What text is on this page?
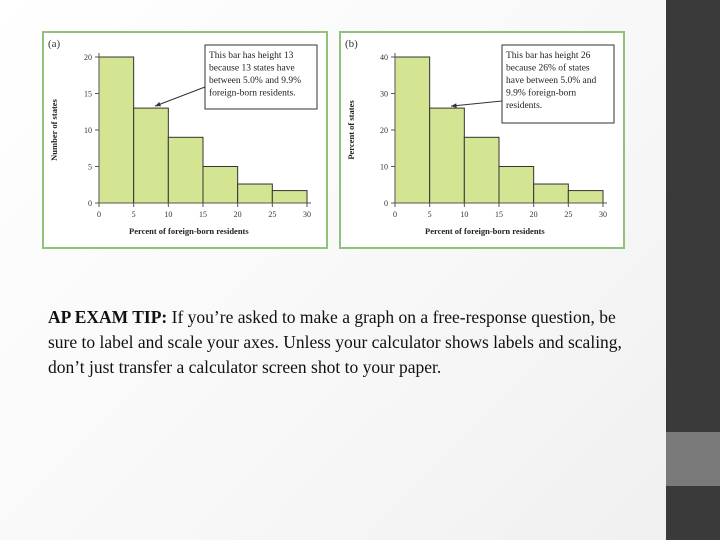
(a)
0
5
10
15
20
0	5	10	15	20	25	30
Percent of foreign-born residents
Number of states
This bar has height 13
because 13 states have
between 5.0% and 9.9%
foreign-born residents.
(b)
0
10
20
30
40
0	5	10	15	20	25	30
Percent of foreign-born residents
Percent of states
This bar has height 26
because 26% of states
have between 5.0% and
9.9% foreign-born
residents.
AP EXAM TIP: If you’re asked to make a graph on a free-response question, be sure to label and scale your axes. Unless your calculator shows labels and scaling, don’t just transfer a calculator screen shot to your paper.
